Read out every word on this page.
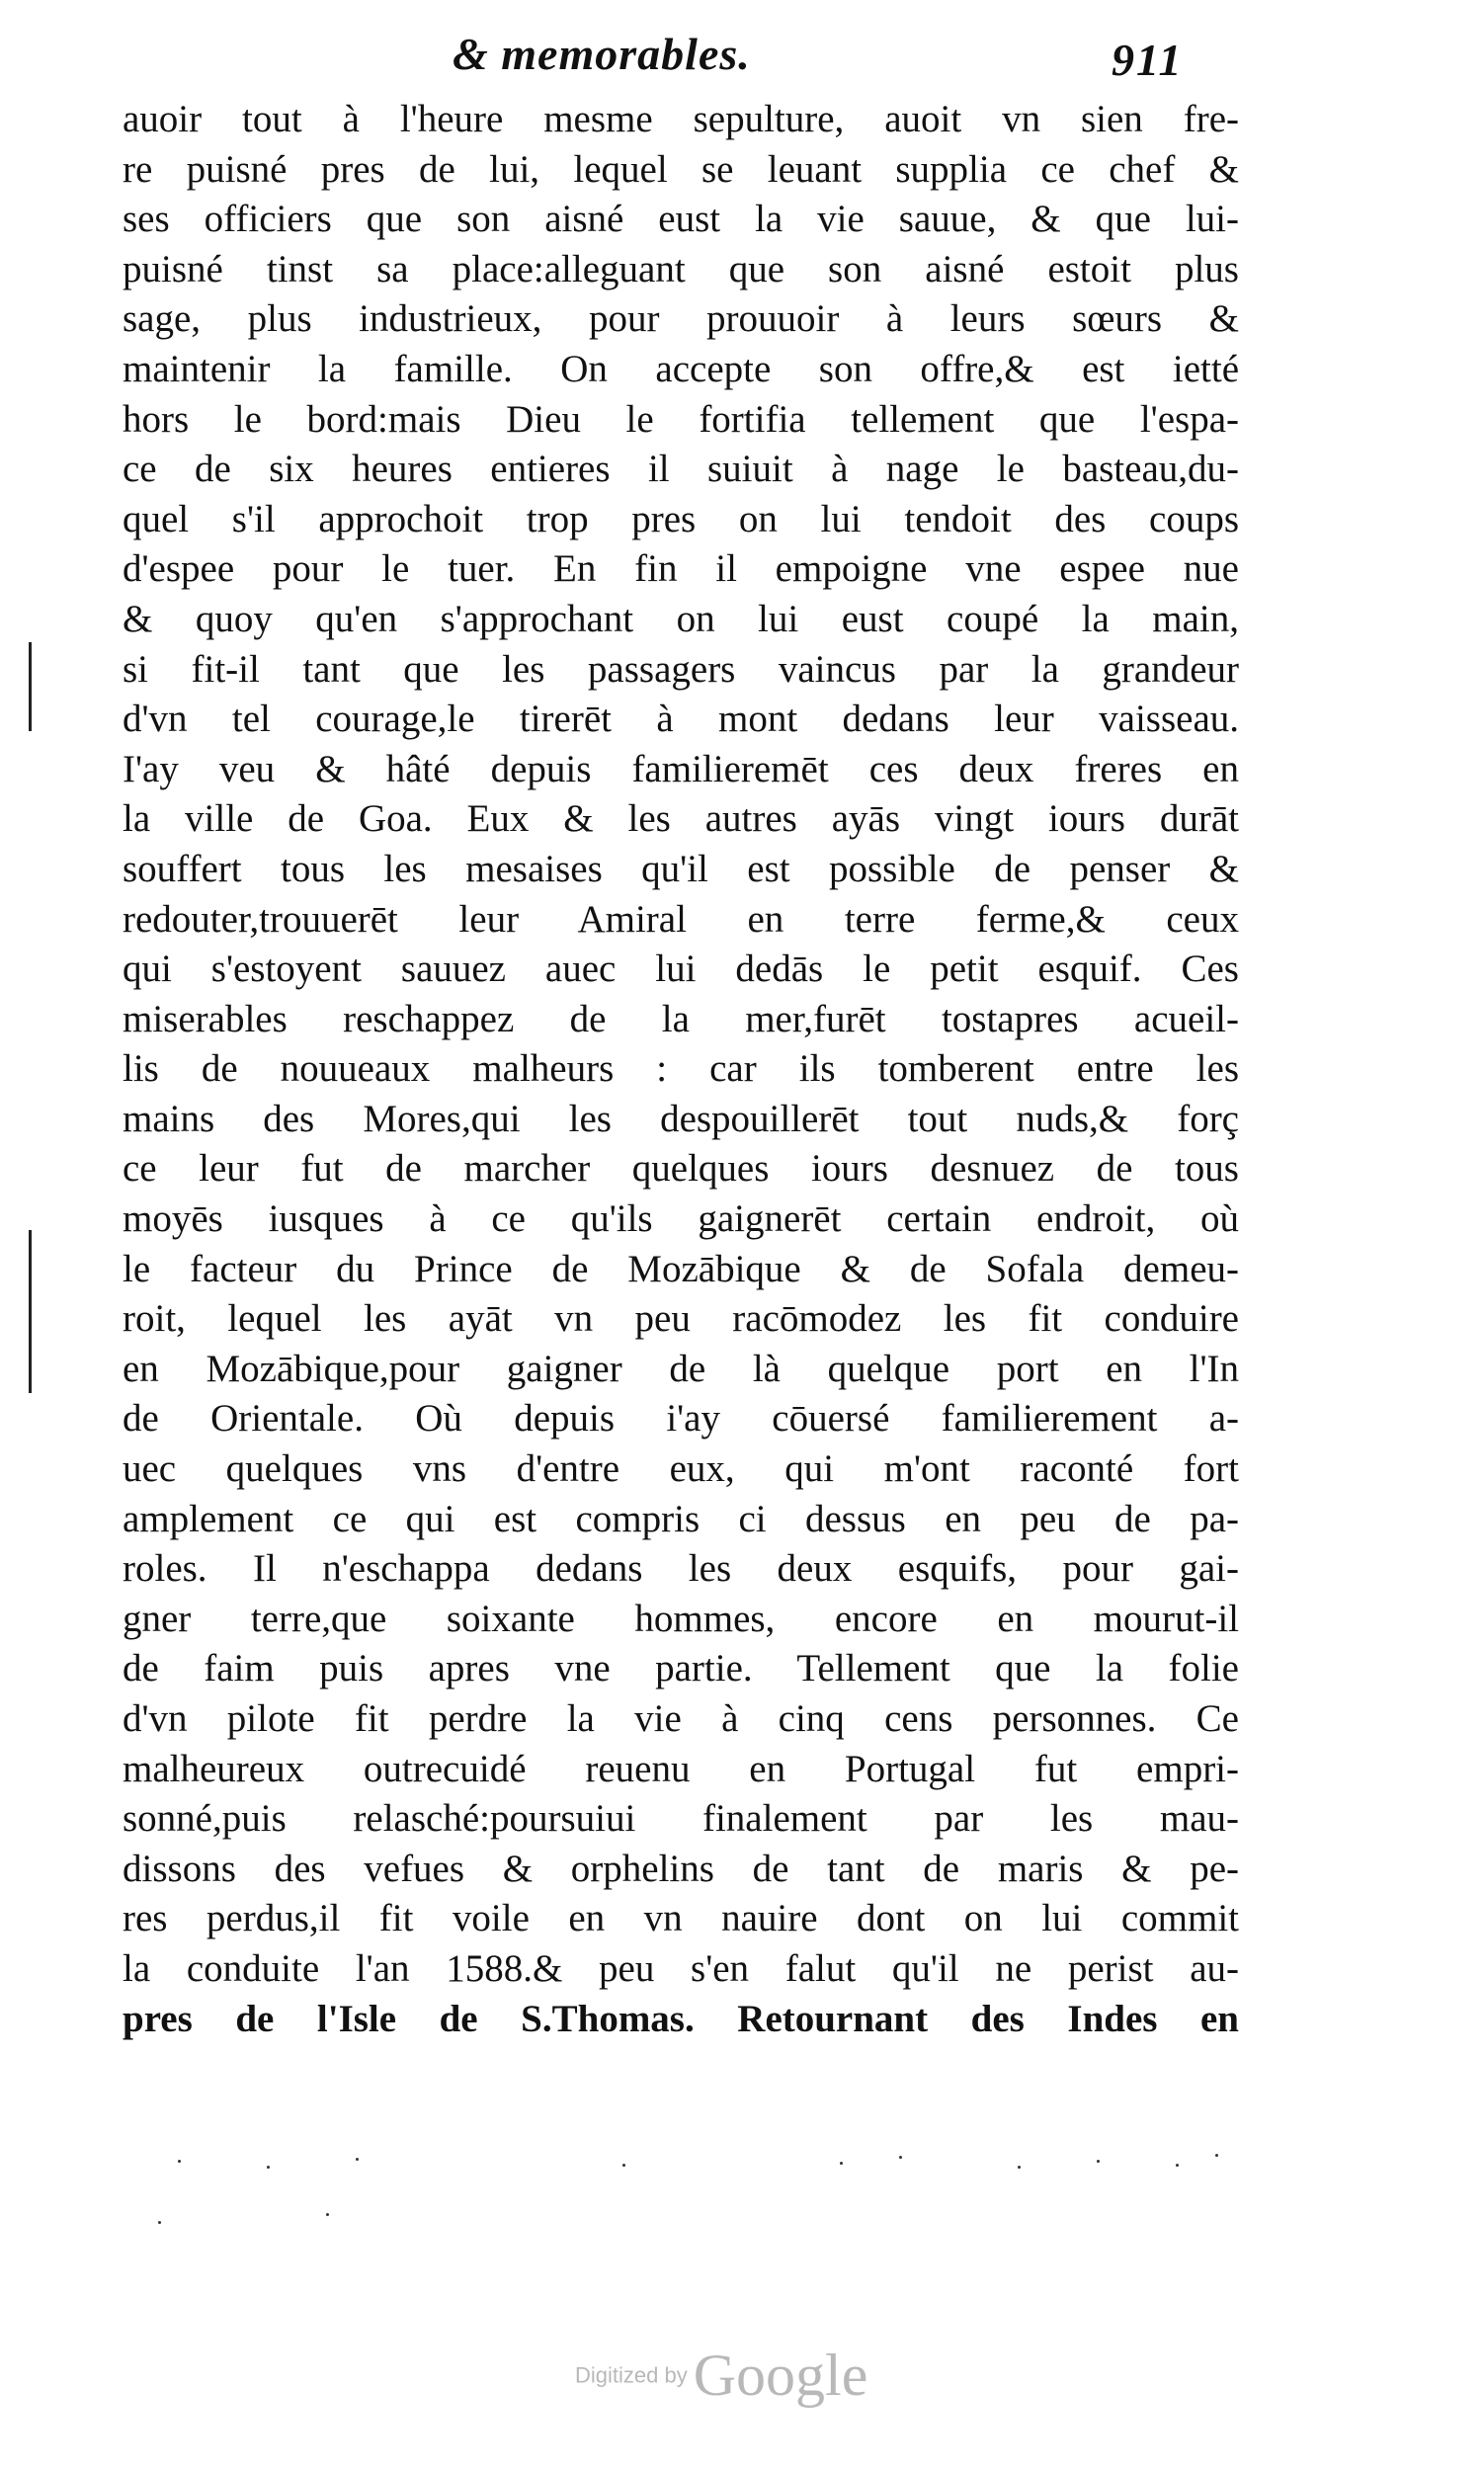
& memorables.	911
auoir tout à l'heure mesme sepulture, auoit vn sien fre-
re puisné pres de lui, lequel se leuant supplia ce chef &
ses officiers que son aisné eust la vie sauue, & que lui-
puisné tinst sa place:alleguant que son aisné estoit plus
sage, plus industrieux, pour prouuoir à leurs sœurs &
maintenir la famille. On accepte son offre,& est ietté
hors le bord:mais Dieu le fortifia tellement que l'espa-
ce de six heures entieres il suiuit à nage le basteau,du-
quel s'il approchoit trop pres on lui tendoit des coups
d'espee pour le tuer. En fin il empoigne vne espee nue
& quoy qu'en s'approchant on lui eust coupé la main,
si fit-il tant que les passagers vaincus par la grandeur
d'vn tel courage,le tirerēt à mont dedans leur vaisseau.
I'ay veu & hâté depuis familieremēt ces deux freres en
la ville de Goa. Eux & les autres ayās vingt iours durāt
souffert tous les mesaises qu'il est possible de penser &
redouter,trouuerēt leur Amiral en terre ferme,& ceux
qui s'estoyent sauuez auec lui dedās le petit esquif. Ces
miserables reschappez de la mer,furēt tostapres acueil-
lis de nouueaux malheurs : car ils tomberent entre les
mains des Mores,qui les despouillerēt tout nuds,& forç
ce leur fut de marcher quelques iours desnuez de tous
moyēs iusques à ce qu'ils gaignerēt certain endroit, où
le facteur du Prince de Mozābique & de Sofala demeu-
roit, lequel les ayāt vn peu racōmodez les fit conduire
en Mozābique,pour gaigner de là quelque port en l'In
de Orientale. Où depuis i'ay cōuersé familierement a-
uec quelques vns d'entre eux, qui m'ont raconté fort
amplement ce qui est compris ci dessus en peu de pa-
roles. Il n'eschappa dedans les deux esquifs, pour gai-
gner terre,que soixante hommes, encore en mourut-il
de faim puis apres vne partie. Tellement que la folie
d'vn pilote fit perdre la vie à cinq cens personnes. Ce
malheureux outrecuidé reuenu en Portugal fut empri-
sonné,puis relasché:poursuiui finalement par les mau-
dissons des vefues & orphelins de tant de maris & pe-
res perdus,il fit voile en vn nauire dont on lui commit
la conduite l'an 1588.& peu s'en falut qu'il ne perist au-
pres de l'Isle de S.Thomas. Retournant des Indes en
Digitized by Google
